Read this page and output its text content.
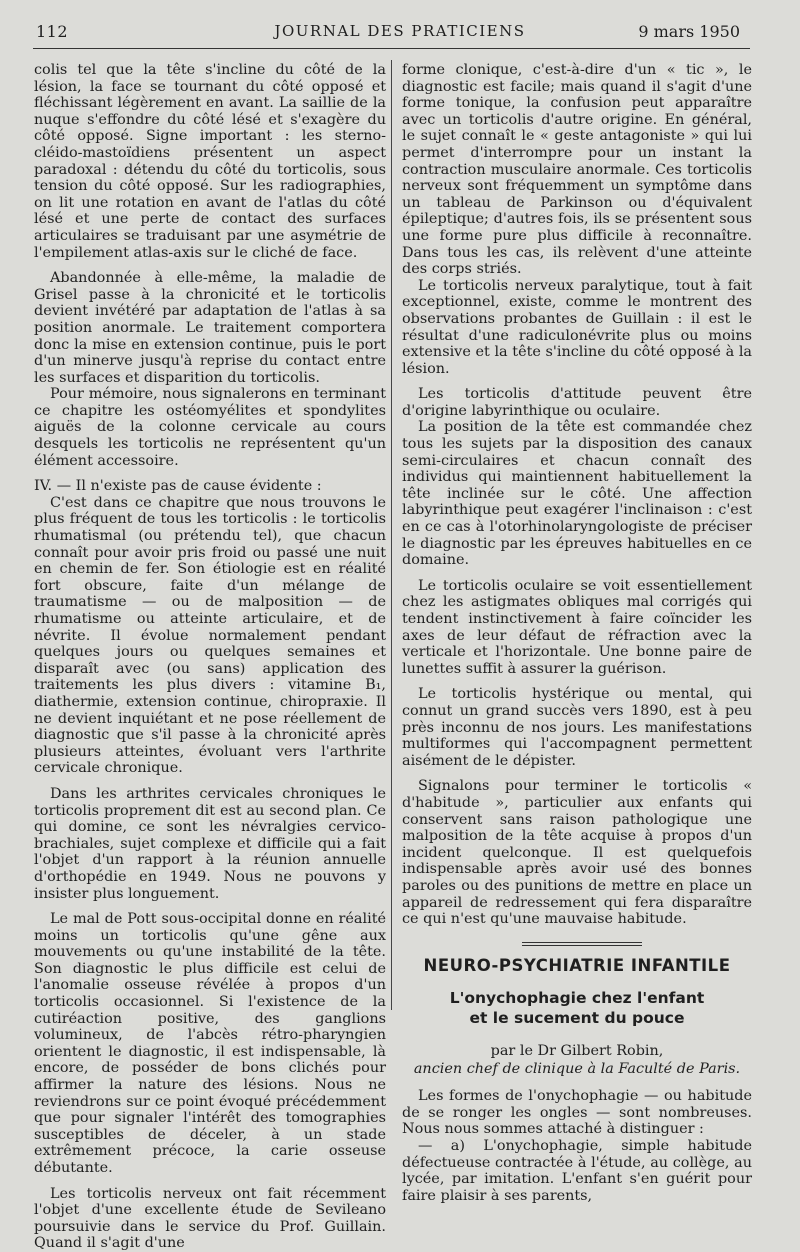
112	JOURNAL DES PRATICIENS	9 mars 1950

colis tel que la tête s'incline du côté de la lésion, la face se tournant du côté opposé et fléchissant légèrement en avant. La saillie de la nuque s'effondre du côté lésé et s'exagère du côté opposé. Signe important : les sterno-cléido-mastoïdiens présentent un aspect paradoxal : détendu du côté du torticolis, sous tension du côté opposé. Sur les radiographies, on lit une rotation en avant de l'atlas du côté lésé et une perte de contact des surfaces articulaires se traduisant par une asymétrie de l'empilement atlas-axis sur le cliché de face.

Abandonnée à elle-même, la maladie de Grisel passe à la chronicité et le torticolis devient invétéré par adaptation de l'atlas à sa position anormale. Le traitement comportera donc la mise en extension continue, puis le port d'un minerve jusqu'à reprise du contact entre les surfaces et disparition du torticolis.

Pour mémoire, nous signalerons en terminant ce chapitre les ostéomyélites et spondylites aiguës de la colonne cervicale au cours desquels les torticolis ne représentent qu'un élément accessoire.

IV. — Il n'existe pas de cause évidente :

C'est dans ce chapitre que nous trouvons le plus fréquent de tous les torticolis : le torticolis rhumatismal (ou prétendu tel), que chacun connaît pour avoir pris froid ou passé une nuit en chemin de fer. Son étiologie est en réalité fort obscure, faite d'un mélange de traumatisme — ou de malposition — de rhumatisme ou atteinte articulaire, et de névrite. Il évolue normalement pendant quelques jours ou quelques semaines et disparaît avec (ou sans) application des traitements les plus divers : vitamine B₁, diathermie, extension continue, chiropraxie. Il ne devient inquiétant et ne pose réellement de diagnostic que s'il passe à la chronicité après plusieurs atteintes, évoluant vers l'arthrite cervicale chronique.

Dans les arthrites cervicales chroniques le torticolis proprement dit est au second plan. Ce qui domine, ce sont les névralgies cervico-brachiales, sujet complexe et difficile qui a fait l'objet d'un rapport à la réunion annuelle d'orthopédie en 1949. Nous ne pouvons y insister plus longuement.

Le mal de Pott sous-occipital donne en réalité moins un torticolis qu'une gêne aux mouvements ou qu'une instabilité de la tête. Son diagnostic le plus difficile est celui de l'anomalie osseuse révélée à propos d'un torticolis occasionnel. Si l'existence de la cutiréaction positive, des ganglions volumineux, de l'abcès rétro-pharyngien orientent le diagnostic, il est indispensable, là encore, de posséder de bons clichés pour affirmer la nature des lésions. Nous ne reviendrons sur ce point évoqué précédemment que pour signaler l'intérêt des tomographies susceptibles de déceler, à un stade extrêmement précoce, la carie osseuse débutante.

Les torticolis nerveux ont fait récemment l'objet d'une excellente étude de Sevileano poursuivie dans le service du Prof. Guillain. Quand il s'agit d'une

forme clonique, c'est-à-dire d'un « tic », le diagnostic est facile; mais quand il s'agit d'une forme tonique, la confusion peut apparaître avec un torticolis d'autre origine. En général, le sujet connaît le « geste antagoniste » qui lui permet d'interrompre pour un instant la contraction musculaire anormale. Ces torticolis nerveux sont fréquemment un symptôme dans un tableau de Parkinson ou d'équivalent épileptique; d'autres fois, ils se présentent sous une forme pure plus difficile à reconnaître. Dans tous les cas, ils relèvent d'une atteinte des corps striés.

Le torticolis nerveux paralytique, tout à fait exceptionnel, existe, comme le montrent des observations probantes de Guillain : il est le résultat d'une radiculonévrite plus ou moins extensive et la tête s'incline du côté opposé à la lésion.

Les torticolis d'attitude peuvent être d'origine labyrinthique ou oculaire.

La position de la tête est commandée chez tous les sujets par la disposition des canaux semi-circulaires et chacun connaît des individus qui maintiennent habituellement la tête inclinée sur le côté. Une affection labyrinthique peut exagérer l'inclinaison : c'est en ce cas à l'otorhinolaryngologiste de préciser le diagnostic par les épreuves habituelles en ce domaine.

Le torticolis oculaire se voit essentiellement chez les astigmates obliques mal corrigés qui tendent instinctivement à faire coïncider les axes de leur défaut de réfraction avec la verticale et l'horizontale. Une bonne paire de lunettes suffit à assurer la guérison.

Le torticolis hystérique ou mental, qui connut un grand succès vers 1890, est à peu près inconnu de nos jours. Les manifestations multiformes qui l'accompagnent permettent aisément de le dépister.

Signalons pour terminer le torticolis « d'habitude », particulier aux enfants qui conservent sans raison pathologique une malposition de la tête acquise à propos d'un incident quelconque. Il est quelquefois indispensable après avoir usé des bonnes paroles ou des punitions de mettre en place un appareil de redressement qui fera disparaître ce qui n'est qu'une mauvaise habitude.

NEURO-PSYCHIATRIE INFANTILE
L'onychophagie chez l'enfant
et le sucement du pouce
par le Dr Gilbert Robin,
ancien chef de clinique à la Faculté de Paris.

Les formes de l'onychophagie — ou habitude de se ronger les ongles — sont nombreuses. Nous nous sommes attaché à distinguer :

— a) L'onychophagie, simple habitude défectueuse contractée à l'étude, au collège, au lycée, par imitation. L'enfant s'en guérit pour faire plaisir à ses parents,
